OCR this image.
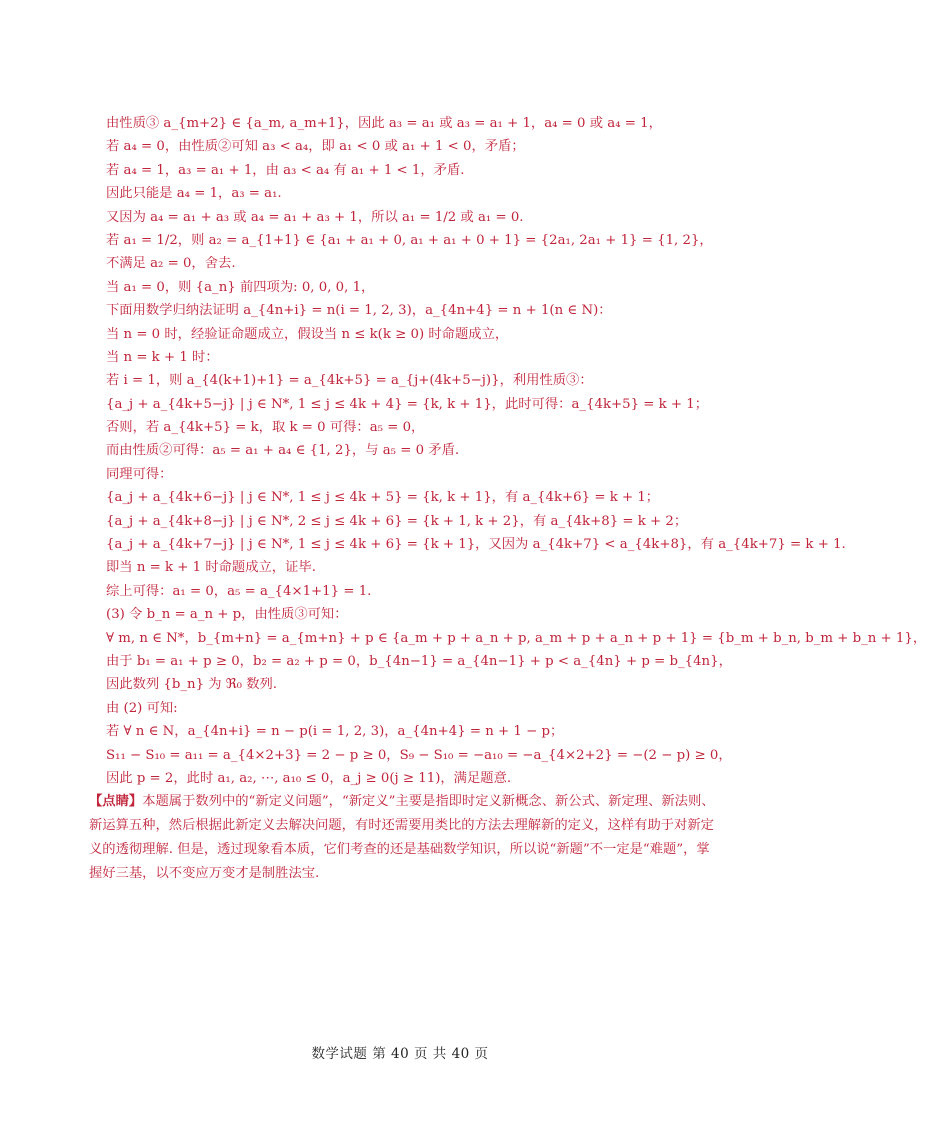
由性质③ a_{m+2} ∈ {a_m, a_m+1}，因此 a₃ = a₁ 或 a₃ = a₁ + 1，a₄ = 0 或 a₄ = 1，
若 a₄ = 0，由性质②可知 a₃ < a₄，即 a₁ < 0 或 a₁ + 1 < 0，矛盾；
若 a₄ = 1，a₃ = a₁ + 1，由 a₃ < a₄ 有 a₁ + 1 < 1，矛盾.
因此只能是 a₄ = 1，a₃ = a₁.
又因为 a₄ = a₁ + a₃ 或 a₄ = a₁ + a₃ + 1，所以 a₁ = 1/2 或 a₁ = 0.
若 a₁ = 1/2，则 a₂ = a_{1+1} ∈ {a₁ + a₁ + 0, a₁ + a₁ + 0 + 1} = {2a₁, 2a₁ + 1} = {1, 2}，
不满足 a₂ = 0，舍去.
当 a₁ = 0，则 {a_n} 前四项为: 0, 0, 0, 1，
下面用数学归纳法证明 a_{4n+i} = n(i = 1, 2, 3)，a_{4n+4} = n + 1(n ∈ N)：
当 n = 0 时，经验证命题成立，假设当 n ≤ k(k ≥ 0) 时命题成立，
当 n = k + 1 时：
若 i = 1，则 a_{4(k+1)+1} = a_{4k+5} = a_{j+(4k+5−j)}，利用性质③：
{a_j + a_{4k+5−j} | j ∈ N*, 1 ≤ j ≤ 4k + 4} = {k, k + 1}，此时可得：a_{4k+5} = k + 1；
否则，若 a_{4k+5} = k，取 k = 0 可得：a₅ = 0，
而由性质②可得：a₅ = a₁ + a₄ ∈ {1, 2}，与 a₅ = 0 矛盾.
同理可得：
{a_j + a_{4k+6−j} | j ∈ N*, 1 ≤ j ≤ 4k + 5} = {k, k + 1}，有 a_{4k+6} = k + 1；
{a_j + a_{4k+8−j} | j ∈ N*, 2 ≤ j ≤ 4k + 6} = {k + 1, k + 2}，有 a_{4k+8} = k + 2；
{a_j + a_{4k+7−j} | j ∈ N*, 1 ≤ j ≤ 4k + 6} = {k + 1}，又因为 a_{4k+7} < a_{4k+8}，有 a_{4k+7} = k + 1.
即当 n = k + 1 时命题成立，证毕.
综上可得：a₁ = 0，a₅ = a_{4×1+1} = 1.
(3) 令 b_n = a_n + p，由性质③可知：
∀ m, n ∈ N*，b_{m+n} = a_{m+n} + p ∈ {a_m + p + a_n + p, a_m + p + a_n + p + 1} = {b_m + b_n, b_m + b_n + 1}，
由于 b₁ = a₁ + p ≥ 0，b₂ = a₂ + p = 0，b_{4n−1} = a_{4n−1} + p < a_{4n} + p = b_{4n}，
因此数列 {b_n} 为 ℜ₀ 数列.
由 (2) 可知:
若 ∀ n ∈ N，a_{4n+i} = n − p(i = 1, 2, 3)，a_{4n+4} = n + 1 − p；
S₁₁ − S₁₀ = a₁₁ = a_{4×2+3} = 2 − p ≥ 0，S₉ − S₁₀ = −a₁₀ = −a_{4×2+2} = −(2 − p) ≥ 0，
因此 p = 2，此时 a₁, a₂, ⋯, a₁₀ ≤ 0，a_j ≥ 0(j ≥ 11)，满足题意.
【点睛】本题属于数列中的“新定义问题”，“新定义”主要是指即时定义新概念、新公式、新定理、新法则、新运算五种，然后根据此新定义去解决问题，有时还需要用类比的方法去理解新的定义，这样有助于对新定义的透彻理解. 但是，透过现象看本质，它们考查的还是基础数学知识，所以说“新题”不一定是“难题”，掌握好三基，以不变应万变才是制胜法宝.
数学试题 第 40 页 共 40 页
